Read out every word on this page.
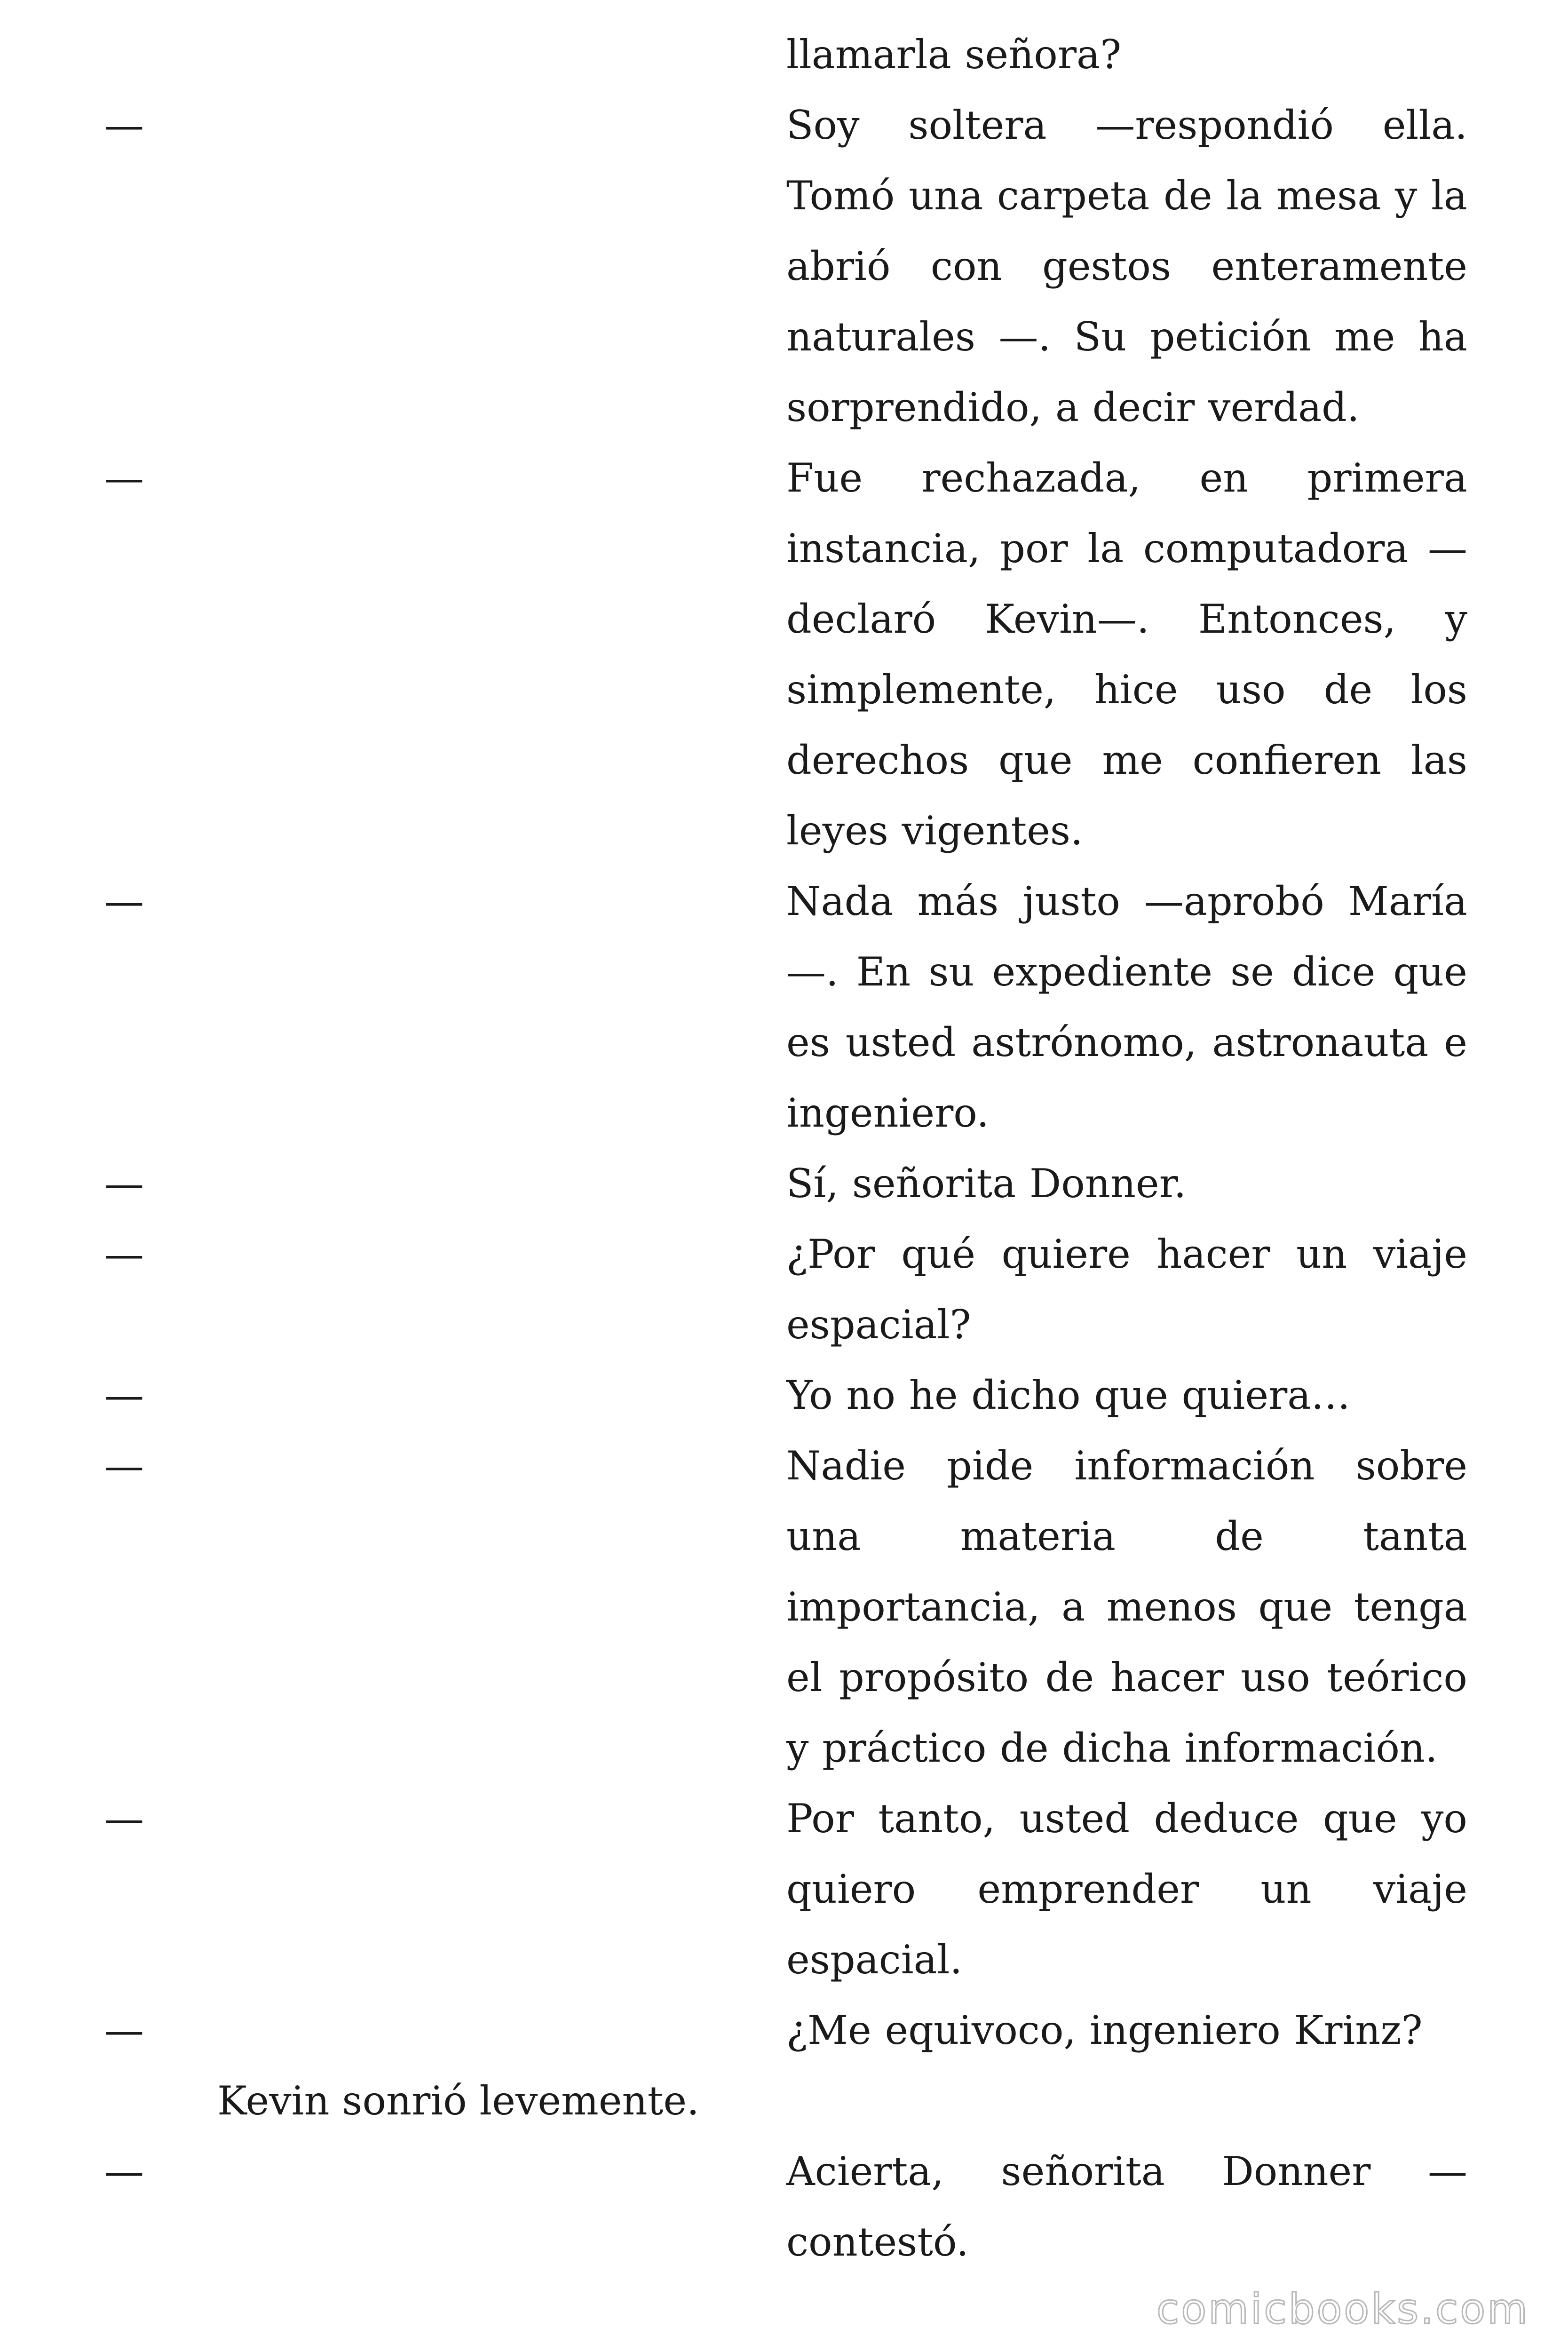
llamarla señora?
—	Soy soltera —respondió ella. Tomó una carpeta de la mesa y la abrió con gestos enteramente naturales —. Su petición me ha sorprendido, a decir verdad.
—	Fue rechazada, en primera instancia, por la computadora —declaró Kevin—. Entonces, y simplemente, hice uso de los derechos que me confieren las leyes vigentes.
—	Nada más justo —aprobó María—. En su expediente se dice que es usted astrónomo, astronauta e ingeniero.
—	Sí, señorita Donner.
—	¿Por qué quiere hacer un viaje espacial?
—	Yo no he dicho que quiera…
—	Nadie pide información sobre una materia de tanta importancia, a menos que tenga el propósito de hacer uso teórico y práctico de dicha información.
—	Por tanto, usted deduce que yo quiero emprender un viaje espacial.
—	¿Me equivoco, ingeniero Krinz?
Kevin sonrió levemente.
—	Acierta, señorita Donner —contestó.
comicbooks.com
